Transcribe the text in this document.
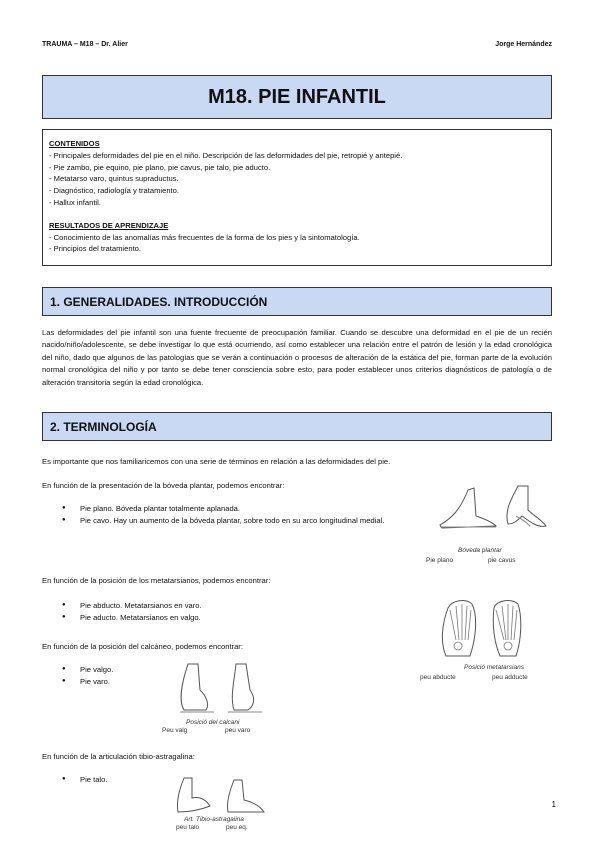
TRAUMA – M18 – Dr. Alier	Jorge Hernández
M18. PIE INFANTIL
CONTENIDOS
- Principales deformidades del pie en el niño. Descripción de las deformidades del pie, retropié y antepié.
- Pie zambo, pie equino, pie plano, pie cavus, pie talo, pie aducto.
- Metatarso varo, quintus supraductus.
- Diagnóstico, radiología y tratamiento.
- Hallux infantil.
RESULTADOS DE APRENDIZAJE
- Conocimiento de las anomalías más frecuentes de la forma de los pies y la sintomatología.
- Principios del tratamiento.
1. GENERALIDADES. INTRODUCCIÓN
Las deformidades del pie infantil son una fuente frecuente de preocupación familiar. Cuando se descubre una deformidad en el pie de un recién nacido/niño/adolescente, se debe investigar lo que está ocurriendo, así como establecer una relación entre el patrón de lesión y la edad cronológica del niño, dado que algunos de las patologías que se verán a continuación o procesos de alteración de la estática del pie, forman parte de la evolución normal cronológica del niño y por tanto se debe tener consciencia sobre esto, para poder establecer unos criterios diagnósticos de patología o de alteración transitoria según la edad cronológica.
2. TERMINOLOGÍA
Es importante que nos familiaricemos con una serie de términos en relación a las deformidades del pie.
En función de la presentación de la bóveda plantar, podemos encontrar:
● Pie plano. Bóveda plantar totalmente aplanada.
● Pie cavo. Hay un aumento de la bóveda plantar, sobre todo en su arco longitudinal medial.
Bóveda plantar
Pie plano	pie cavus
En función de la posición de los metatarsianos, podemos encontrar:
● Pie abducto. Metatarsianos en varo.
● Pie aducto. Metatarsianos en valgo.
Posició metatarsians
peu abducte	peu adducte
En función de la posición del calcáneo, podemos encontrar:
● Pie valgo.
● Pie varo.
Posició del calcani
Peu valg	peu varo
En función de la articulación tibio-astragalina:
● Pie talo.
Art. Tibio-astragalina
peu talo	peu eq.
1
